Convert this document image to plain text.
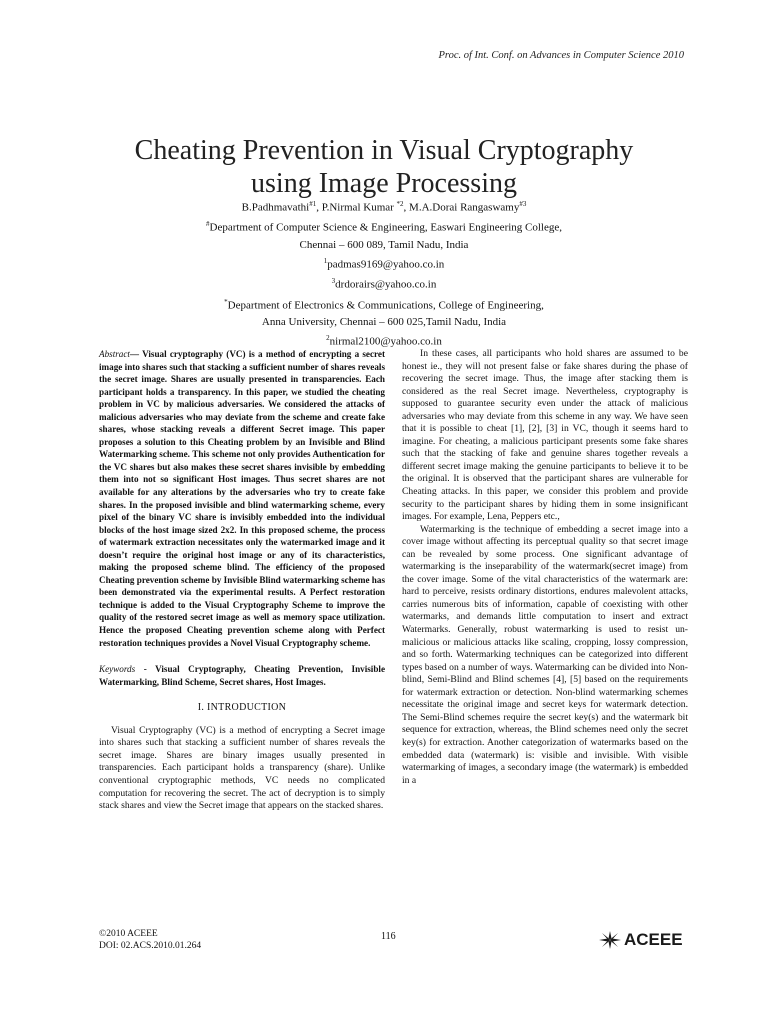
Proc. of Int. Conf. on Advances in Computer Science 2010
Cheating Prevention in Visual Cryptography
using Image Processing
B.Padhmavathi$^{\#1}$, P.Nirmal Kumar $^{*2}$, M.A.Dorai Rangaswamy$^{\#3}$
#Department of Computer Science & Engineering, Easwari Engineering College,
Chennai – 600 089, Tamil Nadu, India
$^1$padmas9169@yahoo.co.in
$^3$drdorairs@yahoo.co.in
*Department of Electronics & Communications, College of Engineering,
Anna University, Chennai – 600 025,Tamil Nadu, India
$^2$nirmal2100@yahoo.co.in
Abstract— Visual cryptography (VC) is a method of encrypting a secret image into shares such that stacking a sufficient number of shares reveals the secret image. Shares are usually presented in transparencies. Each participant holds a transparency. In this paper, we studied the cheating problem in VC by malicious adversaries. We considered the attacks of malicious adversaries who may deviate from the scheme and create fake shares, whose stacking reveals a different Secret image. This paper proposes a solution to this Cheating problem by an Invisible and Blind Watermarking scheme. This scheme not only provides Authentication for the VC shares but also makes these secret shares invisible by embedding them into not so significant Host images. Thus secret shares are not available for any alterations by the adversaries who try to create fake shares. In the proposed invisible and blind watermarking scheme, every pixel of the binary VC share is invisibly embedded into the individual blocks of the host image sized 2x2. In this proposed scheme, the process of watermark extraction necessitates only the watermarked image and it doesn’t require the original host image or any of its characteristics, making the proposed scheme blind. The efficiency of the proposed Cheating prevention scheme by Invisible Blind watermarking scheme has been demonstrated via the experimental results. A Perfect restoration technique is added to the Visual Cryptography Scheme to improve the quality of the restored secret image as well as memory space utilization. Hence the proposed Cheating prevention scheme along with Perfect restoration techniques provides a Novel Visual Cryptography scheme.
Keywords - Visual Cryptography, Cheating Prevention, Invisible Watermarking, Blind Scheme, Secret shares, Host Images.
I. INTRODUCTION

Visual Cryptography (VC) is a method of encrypting a Secret image into shares such that stacking a sufficient number of shares reveals the secret image. Shares are binary images usually presented in transparencies. Each participant holds a transparency (share). Unlike conventional cryptographic methods, VC needs no complicated computation for recovering the secret. The act of decryption is to simply stack shares and view the Secret image that appears on the stacked shares.

In these cases, all participants who hold shares are assumed to be honest ie., they will not present false or fake shares during the phase of recovering the secret image. Thus, the image after stacking them is considered as the real Secret image. Nevertheless, cryptography is supposed to guarantee security even under the attack of malicious adversaries who may deviate from this scheme in any way. We have seen that it is possible to cheat [1], [2], [3] in VC, though it seems hard to imagine. For cheating, a malicious participant presents some fake shares such that the stacking of fake and genuine shares together reveals a different secret image making the genuine participants to believe it to be the original. It is observed that the participant shares are vulnerable for Cheating attacks. In this paper, we consider this problem and provide security to the participant shares by hiding them in some insignificant images. For example, Lena, Peppers etc.,

Watermarking is the technique of embedding a secret image into a cover image without affecting its perceptual quality so that secret image can be revealed by some process. One significant advantage of watermarking is the inseparability of the watermark(secret image) from the cover image. Some of the vital characteristics of the watermark are: hard to perceive, resists ordinary distortions, endures malevolent attacks, carries numerous bits of information, capable of coexisting with other watermarks, and demands little computation to insert and extract Watermarks. Generally, robust watermarking is used to resist un-malicious or malicious attacks like scaling, cropping, lossy compression, and so forth. Watermarking techniques can be categorized into different types based on a number of ways. Watermarking can be divided into Non-blind, Semi-Blind and Blind schemes [4], [5] based on the requirements for watermark extraction or detection. Non-blind watermarking schemes necessitate the original image and secret keys for watermark detection. The Semi-Blind schemes require the secret key(s) and the watermark bit sequence for extraction, whereas, the Blind schemes need only the secret key(s) for extraction. Another categorization of watermarks based on the embedded data (watermark) is: visible and invisible. With visible watermarking of images, a secondary image (the watermark) is embedded in a

©2010 ACEEE
DOI: 02.ACS.2010.01.264
116	ACEEE
